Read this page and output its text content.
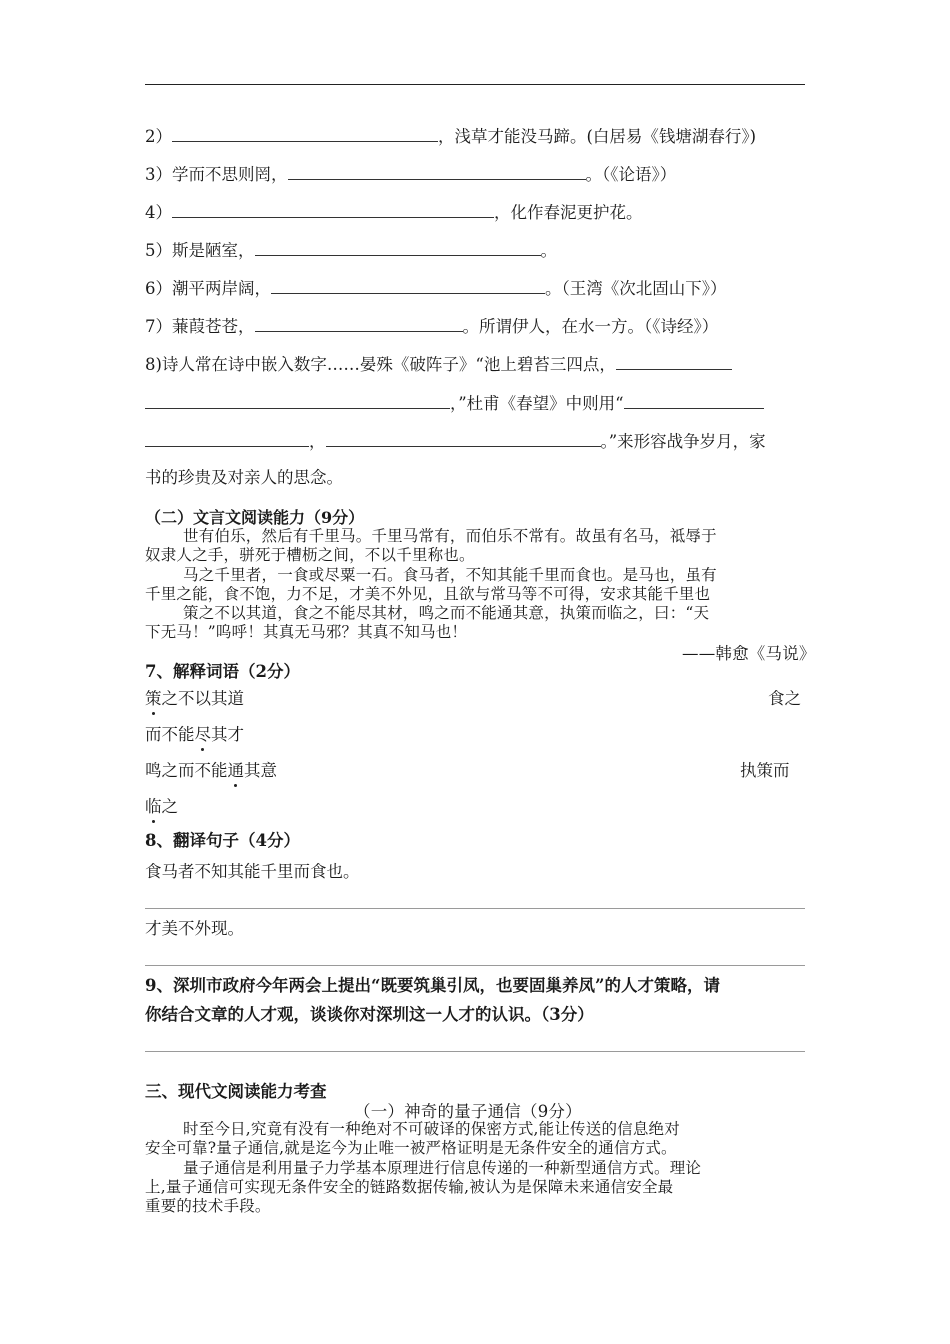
2）	，浅草才能没马蹄。(白居易《钱塘湖春行》)
3）学而不思则罔，	。（《论语》）
4）	，化作春泥更护花。
5）斯是陋室，	。
6）潮平两岸阔，	。（王湾《次北固山下》）
7）蒹葭苍苍，	。所谓伊人，在水一方。（《诗经》）
8)诗人常在诗中嵌入数字……晏殊《破阵子》“池上碧苔三四点，
，”杜甫《春望》中则用“
，	。”来形容战争岁月，家
书的珍贵及对亲人的思念。
（二）文言文阅读能力（9分）
世有伯乐，然后有千里马。千里马常有，而伯乐不常有。故虽有名马，祗辱于
奴隶人之手，骈死于槽枥之间，不以千里称也。
马之千里者，一食或尽粟一石。食马者，不知其能千里而食也。是马也，虽有
千里之能，食不饱，力不足，才美不外见，且欲与常马等不可得，安求其能千里也
策之不以其道，食之不能尽其材，鸣之而不能通其意，执策而临之，曰：“天
下无马！”呜呼！其真无马邪？其真不知马也！
——韩愈《马说》
7、解释词语（2分）
策之不以其道	食之
而不能尽其才
鸣之而不能通其意	执策而
临之
8、翻译句子（4分）
食马者不知其能千里而食也。
才美不外现。
9、深圳市政府今年两会上提出“既要筑巢引凤，也要固巢养凤”的人才策略，请
你结合文章的人才观，谈谈你对深圳这一人才的认识。（3分）
三、现代文阅读能力考查
（一）神奇的量子通信（9分）
时至今日,究竟有没有一种绝对不可破译的保密方式,能让传送的信息绝对
安全可靠?量子通信,就是迄今为止唯一被严格证明是无条件安全的通信方式。
量子通信是利用量子力学基本原理进行信息传递的一种新型通信方式。理论
上,量子通信可实现无条件安全的链路数据传输,被认为是保障未来通信安全最
重要的技术手段。
